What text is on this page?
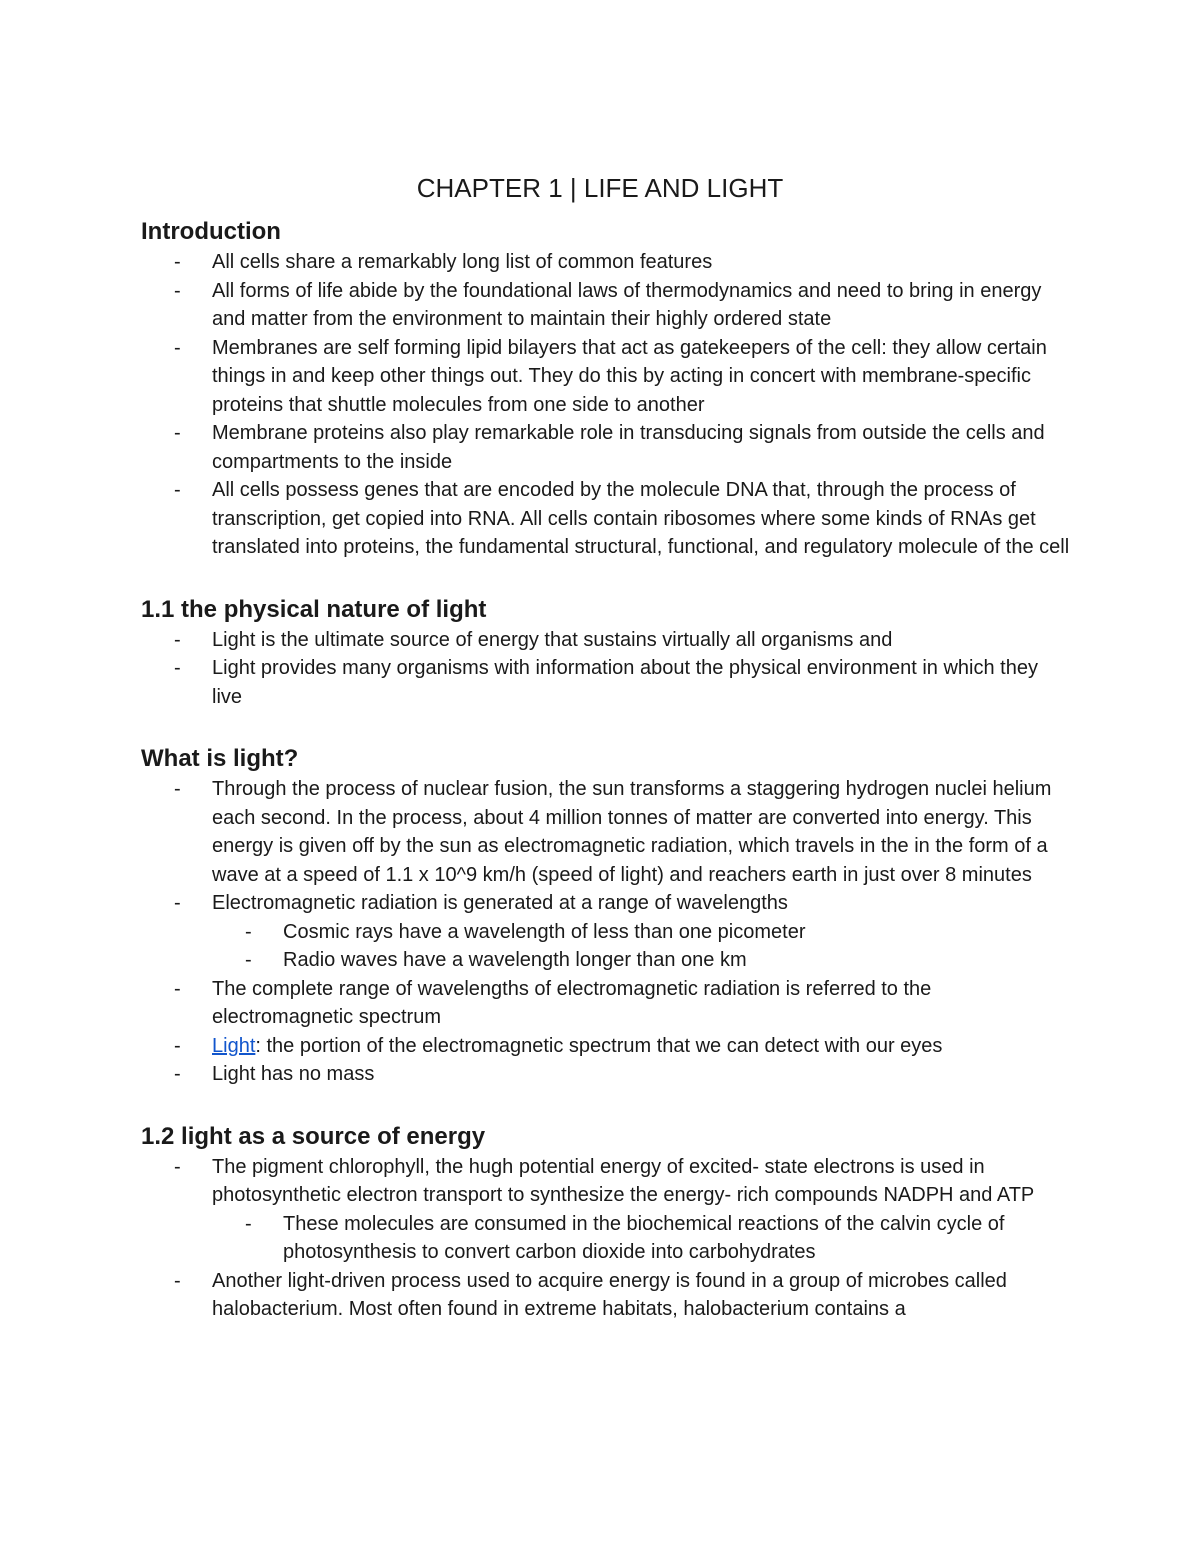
CHAPTER 1 | LIFE AND LIGHT
Introduction
- All cells share a remarkably long list of common features
- All forms of life abide by the foundational laws of thermodynamics and need to bring in energy and matter from the environment to maintain their highly ordered state
- Membranes are self forming lipid bilayers that act as gatekeepers of the cell: they allow certain things in and keep other things out. They do this by acting in concert with membrane-specific proteins that shuttle molecules from one side to another
- Membrane proteins also play remarkable role in transducing signals from outside the cells and compartments to the inside
- All cells possess genes that are encoded by the molecule DNA that, through the process of transcription, get copied into RNA. All cells contain ribosomes where some kinds of RNAs get translated into proteins, the fundamental structural, functional, and regulatory molecule of the cell
1.1 the physical nature of light
- Light is the ultimate source of energy that sustains virtually all organisms and
- Light provides many organisms with information about the physical environment in which they live
What is light?
- Through the process of nuclear fusion, the sun transforms a staggering hydrogen nuclei helium each second. In the process, about 4 million tonnes of matter are converted into energy. This energy is given off by the sun as electromagnetic radiation, which travels in the in the form of a wave at a speed of 1.1 x 10^9 km/h (speed of light) and reachers earth in just over 8 minutes
- Electromagnetic radiation is generated at a range of wavelengths
- Cosmic rays have a wavelength of less than one picometer
- Radio waves have a wavelength longer than one km
- The complete range of wavelengths of electromagnetic radiation is referred to the electromagnetic spectrum
- Light: the portion of the electromagnetic spectrum that we can detect with our eyes
- Light has no mass
1.2 light as a source of energy
- The pigment chlorophyll, the hugh potential energy of excited- state electrons is used in photosynthetic electron transport to synthesize the energy- rich compounds NADPH and ATP
- These molecules are consumed in the biochemical reactions of the calvin cycle of photosynthesis to convert carbon dioxide into carbohydrates
- Another light-driven process used to acquire energy is found in a group of microbes called halobacterium. Most often found in extreme habitats, halobacterium contains a
